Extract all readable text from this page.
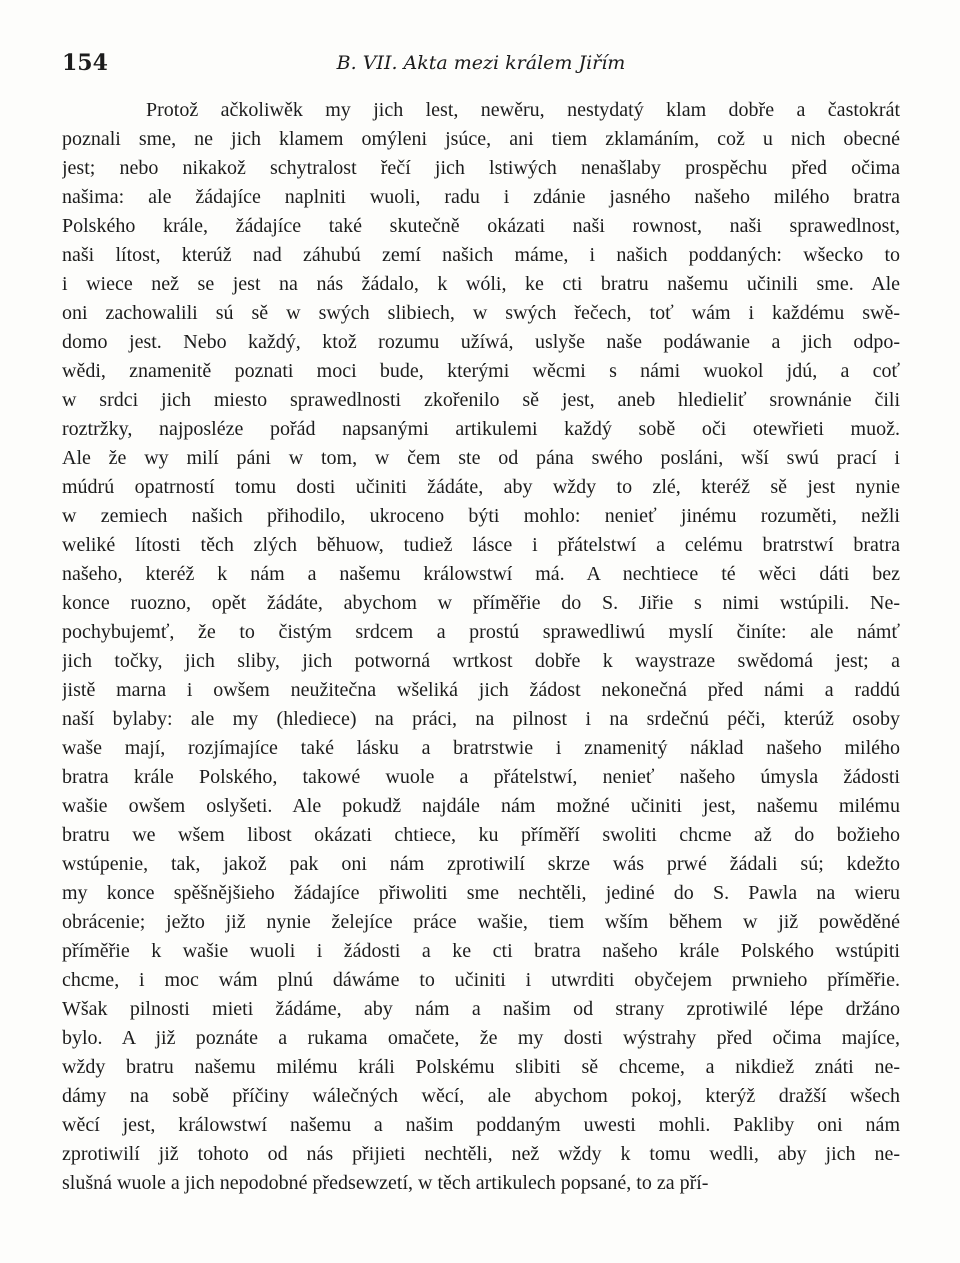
154	B. VII. Akta mezi králem Jiřím
Protož ačkoliwěk my jich lest, newěru, nestydatý klam dobře a častokrát
poznali sme, ne jich klamem omýleni jsúce, ani tiem zklamáním, což u nich obecné
jest; nebo nikakož schytralost řečí jich lstiwých nenašlaby prospěchu před očima
našima: ale žádajíce naplniti wuoli, radu i zdánie jasného našeho milého bratra
Polského krále, žádajíce také skutečně okázati naši rownost, naši sprawedlnost,
naši lítost, kterúž nad záhubú zemí našich máme, i našich poddaných: wšecko to
i wiece než se jest na nás žádalo, k wóli, ke cti bratru našemu učinili sme. Ale
oni zachowalili sú sě w swých slibiech, w swých řečech, toť wám i každému swě-
domo jest. Nebo každý, ktož rozumu užíwá, uslyše naše podáwanie a jich odpo-
wědi, znamenitě poznati moci bude, kterými wěcmi s námi wuokol jdú, a coť
w srdci jich miesto sprawedlnosti zkořenilo sě jest, aneb hledieliť srownánie čili
roztržky, najposléze pořád napsanými artikulemi každý sobě oči otewřieti muož.
Ale že wy milí páni w tom, w čem ste od pána swého posláni, wší swú prací i
múdrú opatrností tomu dosti učiniti žádáte, aby wždy to zlé, kteréž sě jest nynie
w zemiech našich přihodilo, ukroceno býti mohlo: nenieť jinému rozuměti, nežli
weliké lítosti těch zlých běhuow, tudiež lásce i přátelstwí a celému bratrstwí bratra
našeho, kteréž k nám a našemu králowstwí má. A nechtiece té wěci dáti bez
konce ruozno, opět žádáte, abychom w příměřie do S. Jiřie s nimi wstúpili. Ne-
pochybujemť, že to čistým srdcem a prostú sprawedliwú myslí činíte: ale námť
jich točky, jich sliby, jich potworná wrtkost dobře k waystraze swědomá jest; a
jistě marna i owšem neužitečna wšeliká jich žádost nekonečná před námi a raddú
naší bylaby: ale my (hlediece) na práci, na pilnost i na srdečnú péči, kterúž osoby
waše mají, rozjímajíce také lásku a bratrstwie i znamenitý náklad našeho milého
bratra krále Polského, takowé wuole a přátelstwí, nenieť našeho úmysla žádosti
wašie owšem oslyšeti. Ale pokudž najdále nám možné učiniti jest, našemu milému
bratru we wšem libost okázati chtiece, ku příměří swoliti chcme až do božieho
wstúpenie, tak, jakož pak oni nám zprotiwilí skrze wás prwé žádali sú; kdežto
my konce spěšnějšieho žádajíce přiwoliti sme nechtěli, jediné do S. Pawla na wieru
obrácenie; ježto již nynie želejíce práce wašie, tiem wším během w již powěděné
příměřie k wašie wuoli i žádosti a ke cti bratra našeho krále Polského wstúpiti
chcme, i moc wám plnú dáwáme to učiniti i utwrditi obyčejem prwnieho příměřie.
Wšak pilnosti mieti žádáme, aby nám a našim od strany zprotiwilé lépe držáno
bylo. A již poznáte a rukama omačete, že my dosti wýstrahy před očima majíce,
wždy bratru našemu milému králi Polskému slibiti sě chceme, a nikdiež znáti ne-
dámy na sobě příčiny wálečných wěcí, ale abychom pokoj, kterýž dražší wšech
wěcí jest, králowstwí našemu a našim poddaným uwesti mohli. Pakliby oni nám
zprotiwilí již tohoto od nás přijieti nechtěli, než wždy k tomu wedli, aby jich ne-
slušná wuole a jich nepodobné předsewzetí, w těch artikulech popsané, to za pří-
